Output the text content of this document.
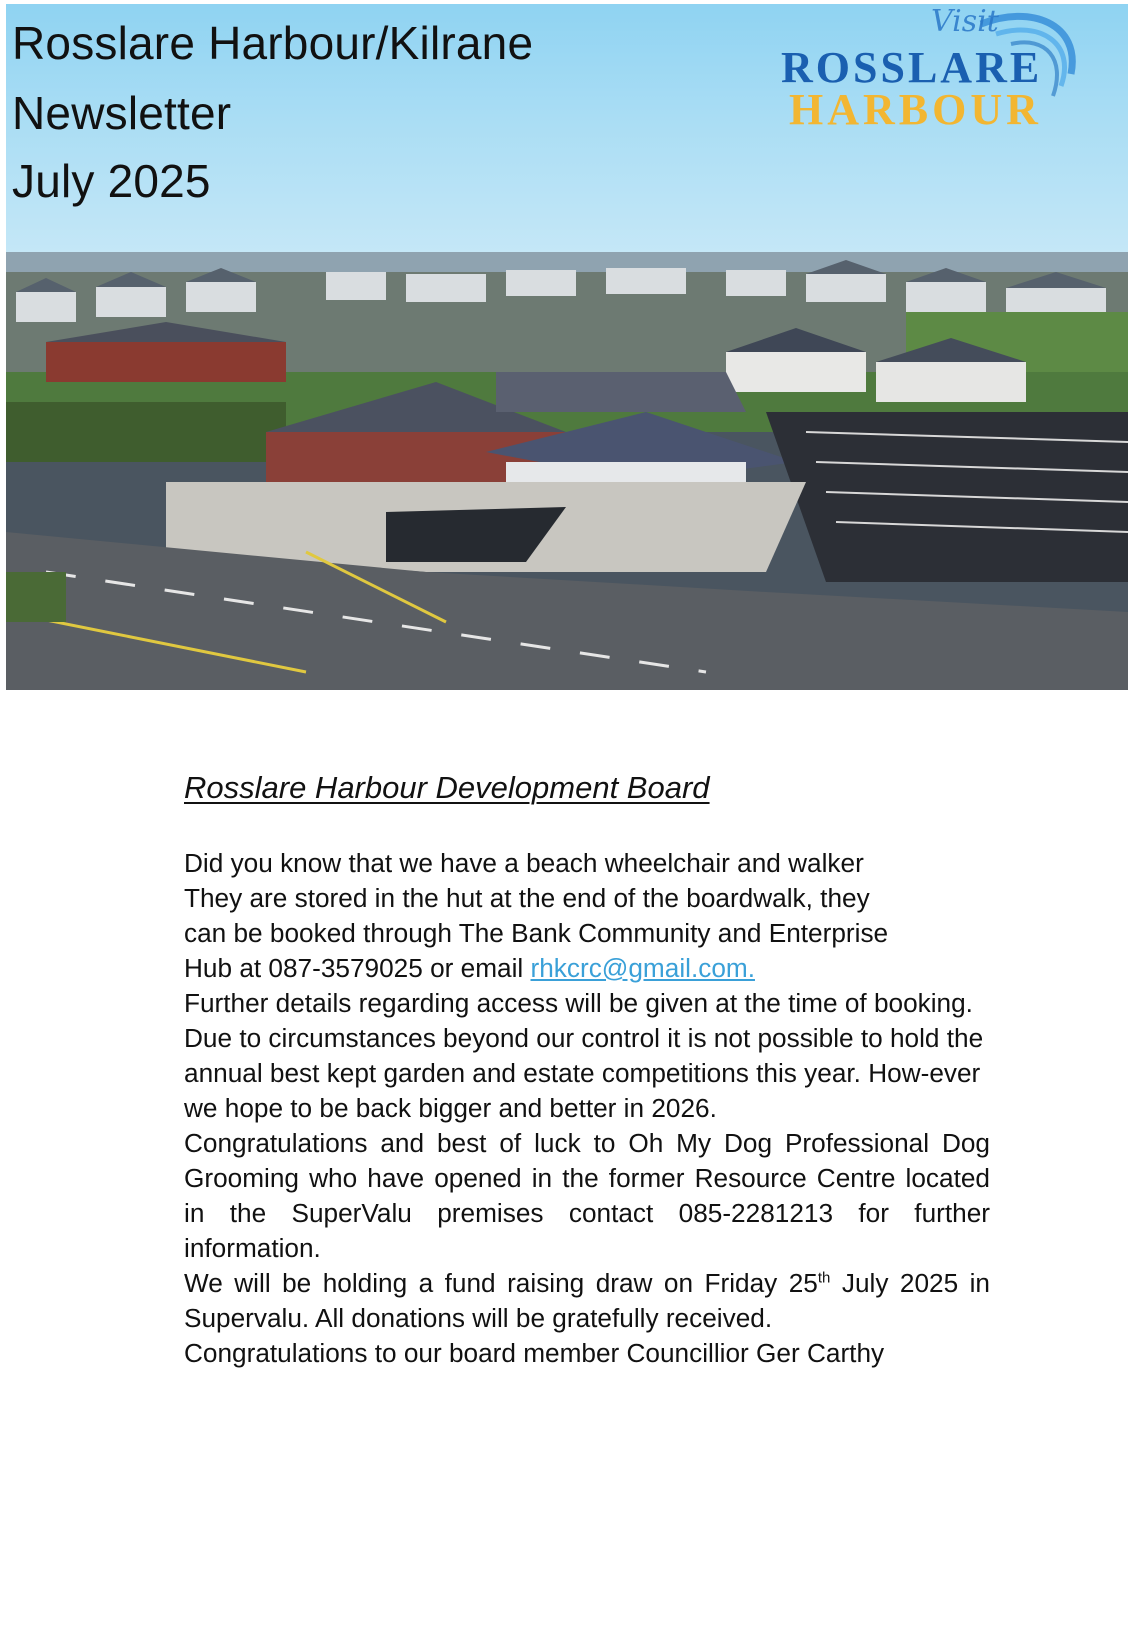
Rosslare Harbour/Kilrane
Newsletter
July 2025
Visit
ROSSLARE
HARBOUR
Rosslare Harbour Development Board

Did you know that we have a beach wheelchair and walker
They are stored in the hut at the end of the boardwalk, they
can be booked through The Bank Community and Enterprise
Hub at 087-3579025 or email rhkcrc@gmail.com.

Further details regarding access will be given at the time of booking. Due to circumstances beyond our control it is not possible to hold the annual best kept garden and estate competitions this year. How-ever we hope to be back bigger and better in 2026.

Congratulations and best of luck to Oh My Dog Professional Dog Grooming who have opened in the former Resource Centre located in the SuperValu premises contact 085-2281213 for further information.

We will be holding a fund raising draw on Friday 25th July 2025 in Supervalu. All donations will be gratefully received.

Congratulations to our board member Councillior Ger Carthy
